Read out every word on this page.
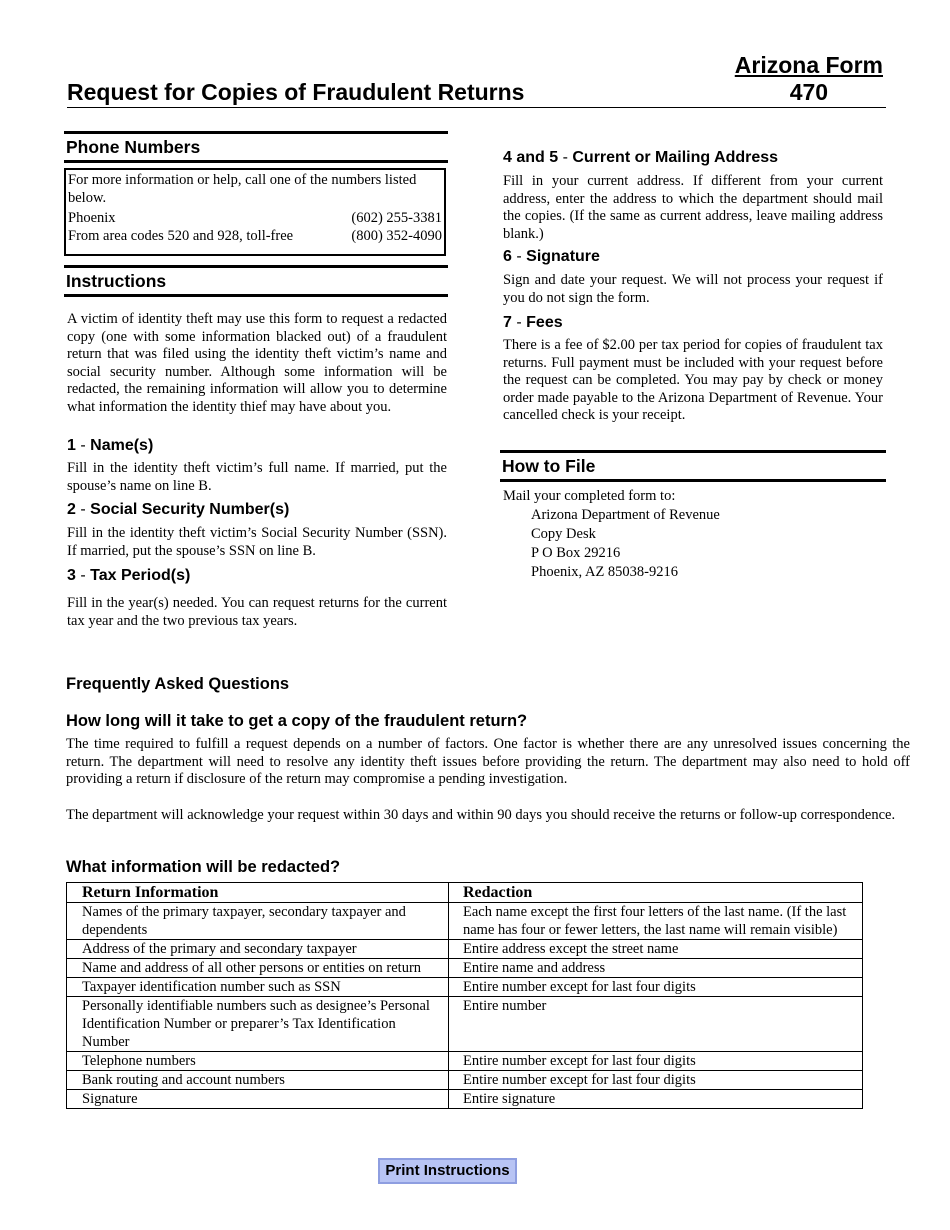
Arizona Form
470
Request for Copies of Fraudulent Returns
Phone Numbers

For more information or help, call one of the numbers listed below.

Phoenix	(602) 255-3381
From area codes 520 and 928, toll-free	(800) 352-4090
Instructions

A victim of identity theft may use this form to request a redacted copy (one with some information blacked out) of a fraudulent return that was filed using the identity theft victim’s name and social security number. Although some information will be redacted, the remaining information will allow you to determine what information the identity thief may have about you.

1 - Name(s)

Fill in the identity theft victim’s full name. If married, put the spouse’s name on line B.

2 - Social Security Number(s)

Fill in the identity theft victim’s Social Security Number (SSN). If married, put the spouse’s SSN on line B.

3 - Tax Period(s)

Fill in the year(s) needed. You can request returns for the current tax year and the two previous tax years.

4 and 5 - Current or Mailing Address

Fill in your current address. If different from your current address, enter the address to which the department should mail the copies. (If the same as current address, leave mailing address blank.)

6 - Signature

Sign and date your request. We will not process your request if you do not sign the form.

7 - Fees

There is a fee of $2.00 per tax period for copies of fraudulent tax returns. Full payment must be included with your request before the request can be completed. You may pay by check or money order made payable to the Arizona Department of Revenue. Your cancelled check is your receipt.

How to File

Mail your completed form to:

Arizona Department of Revenue

Copy Desk

P O Box 29216

Phoenix, AZ 85038-9216

Frequently Asked Questions
How long will it take to get a copy of the fraudulent return?

The time required to fulfill a request depends on a number of factors. One factor is whether there are any unresolved issues concerning the return. The department will need to resolve any identity theft issues before providing the return. The department may also need to hold off providing a return if disclosure of the return may compromise a pending investigation.

The department will acknowledge your request within 30 days and within 90 days you should receive the returns or follow-up correspondence.

What information will be redacted?
Return Information	Redaction
Names of the primary taxpayer, secondary taxpayer and dependents	Each name except the first four letters of the last name. (If the last name has four or fewer letters, the last name will remain visible)
Address of the primary and secondary taxpayer	Entire address except the street name
Name and address of all other persons or entities on return	Entire name and address
Taxpayer identification number such as SSN	Entire number except for last four digits
Personally identifiable numbers such as designee’s Personal Identification Number or preparer’s Tax Identification Number	Entire number
Telephone numbers	Entire number except for last four digits
Bank routing and account numbers	Entire number except for last four digits
Signature	Entire signature
Print Instructions
